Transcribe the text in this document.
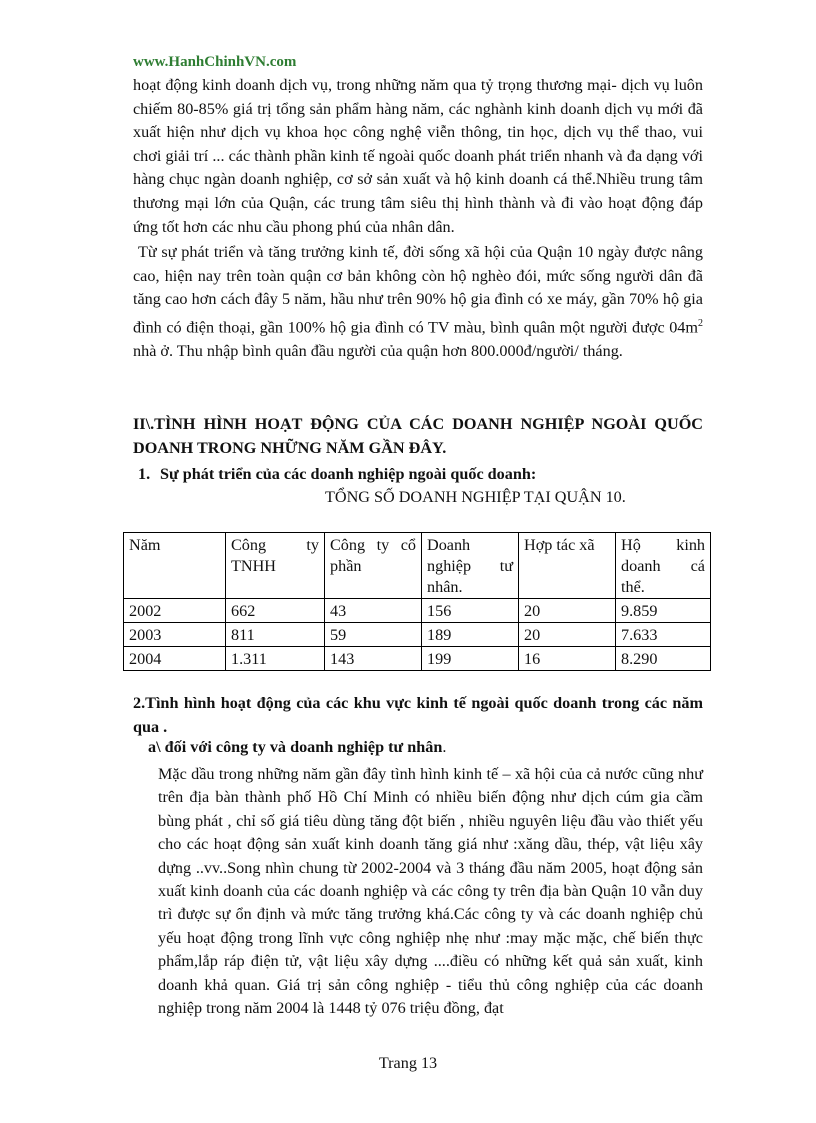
www.HanhChinhVN.com

hoạt động kinh doanh dịch vụ, trong những năm qua tỷ trọng thương mại- dịch vụ luôn chiếm 80-85% giá trị tổng sản phẩm hàng năm, các nghành kinh doanh dịch vụ mới đã xuất hiện như dịch vụ khoa học công nghệ viễn thông, tin học, dịch vụ thể thao, vui chơi giải trí ... các thành phần kinh tế ngoài quốc doanh phát triển nhanh và đa dạng với hàng chục ngàn doanh nghiệp, cơ sở sản xuất và hộ kinh doanh cá thể.Nhiều trung tâm thương mại lớn của Quận, các trung tâm siêu thị hình thành và đi vào hoạt động đáp ứng tốt hơn các nhu cầu phong phú của nhân dân.

Từ sự phát triển và tăng trưởng kinh tế, đời sống xã hội của Quận 10 ngày được nâng cao, hiện nay trên toàn quận cơ bản không còn hộ nghèo đói, mức sống người dân đã tăng cao hơn cách đây 5 năm, hầu như trên 90% hộ gia đình có xe máy, gần 70% hộ gia đình có điện thoại, gần 100% hộ gia đình có TV màu, bình quân một người được $04m^2$ nhà ở. Thu nhập bình quân đầu người của quận hơn 800.000đ/người/ tháng.

II\.TÌNH HÌNH HOẠT ĐỘNG CỦA CÁC DOANH NGHIỆP NGOÀI QUỐC DOANH TRONG NHỮNG NĂM GẦN ĐÂY.

1. Sự phát triển của các doanh nghiệp ngoài quốc doanh:

TỔNG SỐ DOANH NGHIỆP TẠI QUẬN 10.

Năm	Công ty TNHH	Công ty cổ phần	Doanh nghiệp tư nhân.	Hợp tác xã	Hộ kinh doanh cá thể.
2002	662	43	156	20	9.859
2003	811	59	189	20	7.633
2004	1.311	143	199	16	8.290

2.Tình hình hoạt động của các khu vực kinh tế ngoài quốc doanh trong các năm qua .

a\ đối với công ty và doanh nghiệp tư nhân.

Mặc dầu trong những năm gần đây tình hình kinh tế – xã hội của cả nước cũng như trên địa bàn thành phố Hồ Chí Minh có nhiều biến động như dịch cúm gia cầm bùng phát , chỉ số giá tiêu dùng tăng đột biến , nhiều nguyên liệu đầu vào thiết yếu cho các hoạt động sản xuất kinh doanh tăng giá như :xăng dầu, thép, vật liệu xây dựng ..vv..Song nhìn chung từ 2002-2004 và 3 tháng đầu năm 2005, hoạt động sản xuất kinh doanh của các doanh nghiệp và các công ty trên địa bàn Quận 10 vẫn duy trì được sự ổn định và mức tăng trưởng khá.Các công ty và các doanh nghiệp chủ yếu hoạt động trong lĩnh vực công nghiệp nhẹ như :may mặc mặc, chế biến thực phẩm,lắp ráp điện tử, vật liệu xây dựng ....điều có những kết quả sản xuất, kinh doanh khả quan. Giá trị sản công nghiệp - tiểu thủ công nghiệp của các doanh nghiệp trong năm 2004 là 1448 tỷ 076 triệu đồng, đạt

Trang 13
